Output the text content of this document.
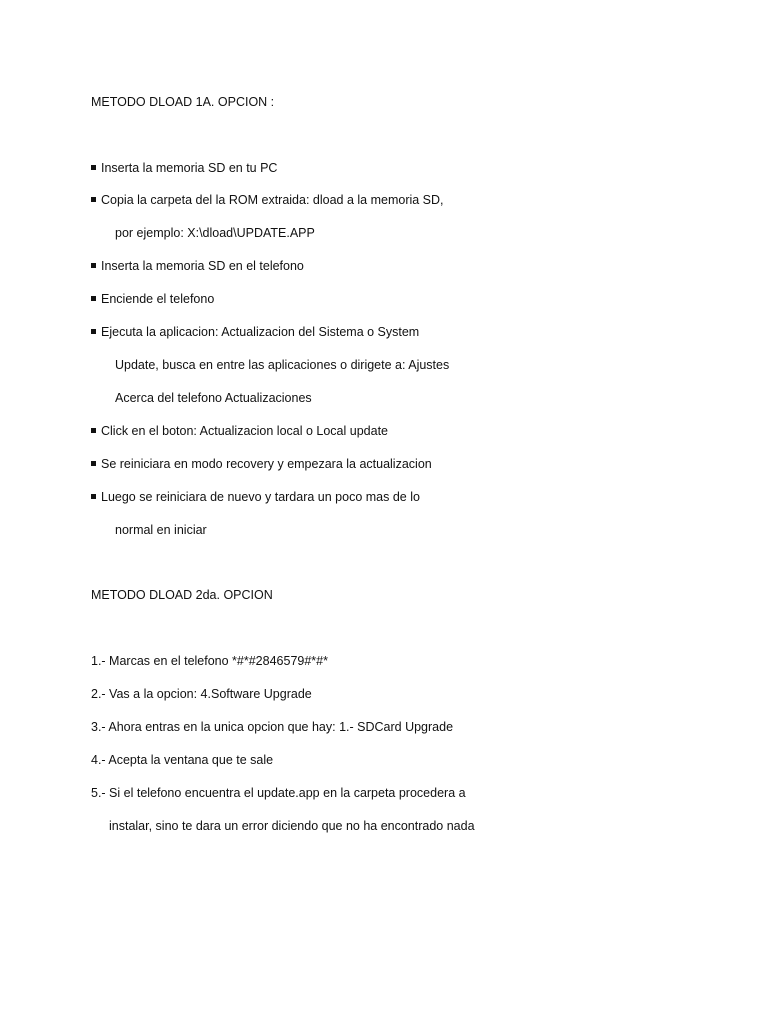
METODO DLOAD 1A. OPCION :
Inserta la memoria SD en tu PC
Copia la carpeta del la ROM extraida: dload a la memoria SD,
por ejemplo: X:\dload\UPDATE.APP
Inserta la memoria SD en el telefono
Enciende el telefono
Ejecuta la aplicacion: Actualizacion del Sistema o System
Update, busca en entre las aplicaciones o dirigete a: Ajustes
Acerca del telefono Actualizaciones
Click en el boton: Actualizacion local o Local update
Se reiniciara en modo recovery y empezara la actualizacion
Luego se reiniciara de nuevo y tardara un poco mas de lo
normal en iniciar
METODO DLOAD 2da. OPCION
1.- Marcas en el telefono *#*#2846579#*#*
2.- Vas a la opcion: 4.Software Upgrade
3.- Ahora entras en la unica opcion que hay: 1.- SDCard Upgrade
4.- Acepta la ventana que te sale
5.- Si el telefono encuentra el update.app en la carpeta procedera a
instalar, sino te dara un error diciendo que no ha encontrado nada
